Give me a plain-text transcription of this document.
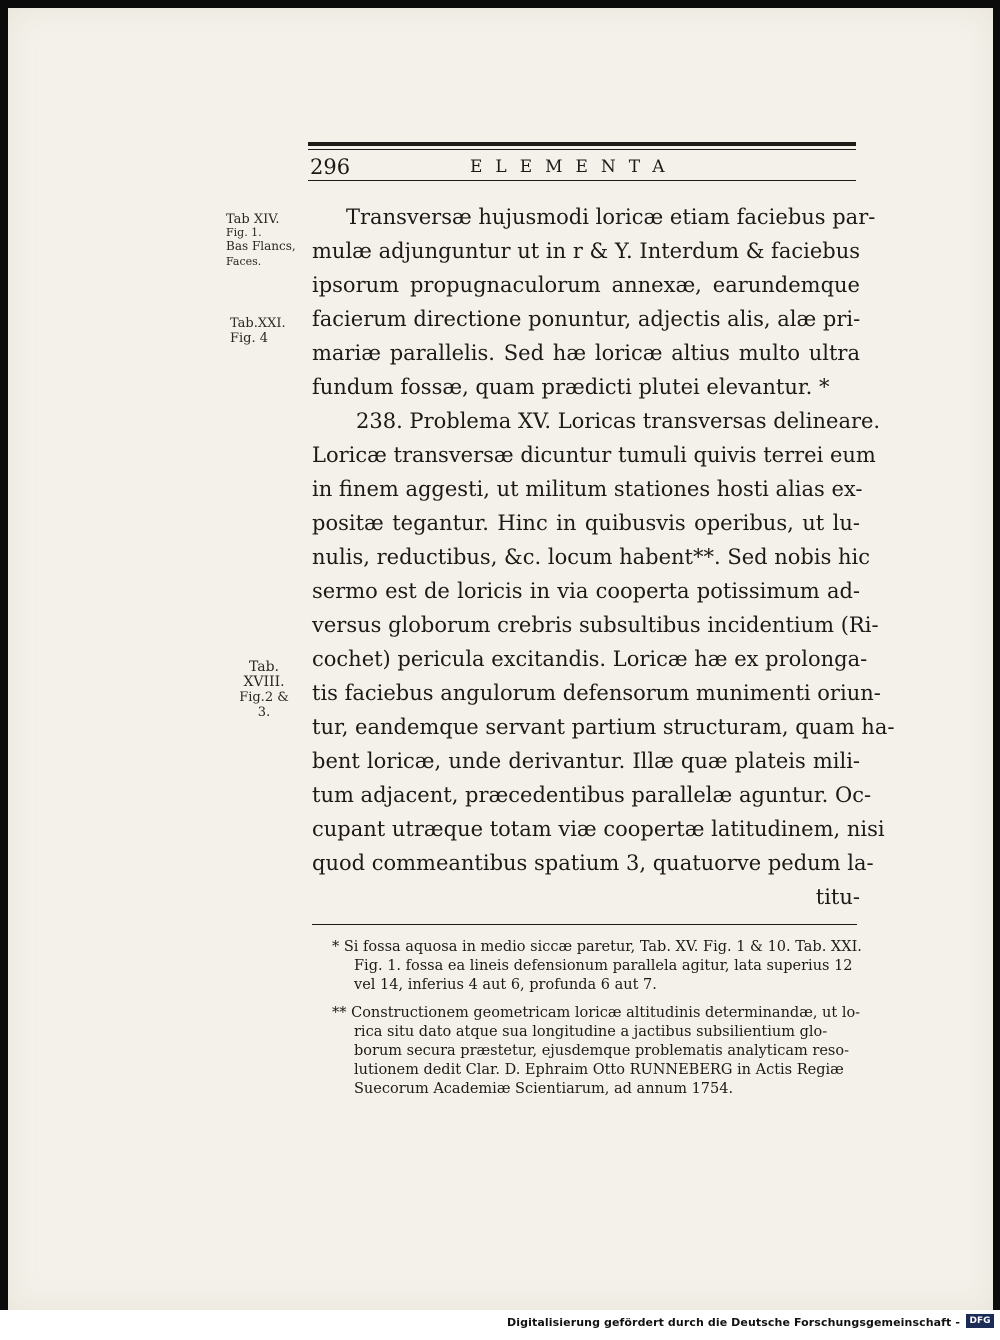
296	ELEMENTA
Tab XIV.
Fig. 1.
Bas Flancs,
Faces.
Tab.XXI.
Fig. 4
Tab.
XVIII.
Fig.2 & 3.
Transversæ hujusmodi loricæ etiam faciebus par-
mulæ adjunguntur ut in r & Y. Interdum & faciebus
ipsorum propugnaculorum annexæ, earundemque
facierum directione ponuntur, adjectis alis, alæ pri-
mariæ parallelis. Sed hæ loricæ altius multo ultra
fundum fossæ, quam prædicti plutei elevantur. *
238. Problema XV. Loricas transversas delineare.
Loricæ transversæ dicuntur tumuli quivis terrei eum
in finem aggesti, ut militum stationes hosti alias ex-
positæ tegantur. Hinc in quibusvis operibus, ut lu-
nulis, reductibus, &c. locum habent**. Sed nobis hic
sermo est de loricis in via cooperta potissimum ad-
versus globorum crebris subsultibus incidentium (Ri-
cochet) pericula excitandis. Loricæ hæ ex prolonga-
tis faciebus angulorum defensorum munimenti oriun-
tur, eandemque servant partium structuram, quam ha-
bent loricæ, unde derivantur. Illæ quæ plateis mili-
tum adjacent, præcedentibus parallelæ aguntur. Oc-
cupant utræque totam viæ coopertæ latitudinem, nisi
quod commeantibus spatium 3, quatuorve pedum la-
titu-
* Si fossa aquosa in medio siccæ paretur, Tab. XV. Fig. 1 & 10. Tab. XXI.
Fig. 1. fossa ea lineis defensionum parallela agitur, lata superius 12
vel 14, inferius 4 aut 6, profunda 6 aut 7.
** Constructionem geometricam loricæ altitudinis determinandæ, ut lo-
rica situ dato atque sua longitudine a jactibus subsilientium glo-
borum secura præstetur, ejusdemque problematis analyticam reso-
lutionem dedit Clar. D. Ephraim Otto RUNNEBERG in Actis Regiæ
Suecorum Academiæ Scientiarum, ad annum 1754.
Digitalisierung gefördert durch die Deutsche Forschungsgemeinschaft -	DFG
